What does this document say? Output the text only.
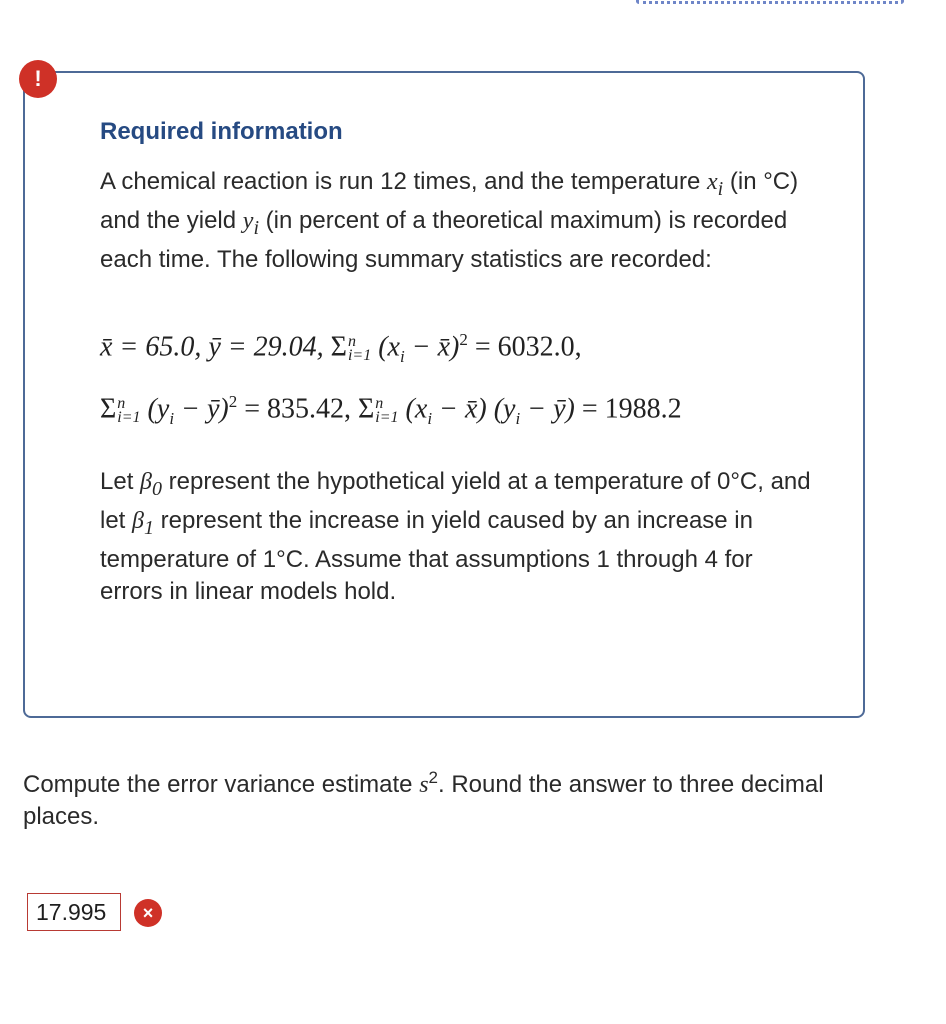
!
Required information
A chemical reaction is run 12 times, and the temperature $x_i$ (in °C) and the yield $y_i$ (in percent of a theoretical maximum) is recorded each time. The following summary statistics are recorded:
x̄ = 65.0, ȳ = 29.04, Σ n
i=1 ($x_i$ − x̄)$^2$ = 6032.0,
Σ n
i=1 ($y_i$ − ȳ)$^2$ = 835.42, Σ n
i=1 ($x_i$ − x̄) ($y_i$ − ȳ) = 1988.2
Let $\beta_0$ represent the hypothetical yield at a temperature of 0°C, and let $\beta_1$ represent the increase in yield caused by an increase in temperature of 1°C. Assume that assumptions 1 through 4 for errors in linear models hold.
Compute the error variance estimate $s^2$. Round the answer to three decimal places.
17.995	×
